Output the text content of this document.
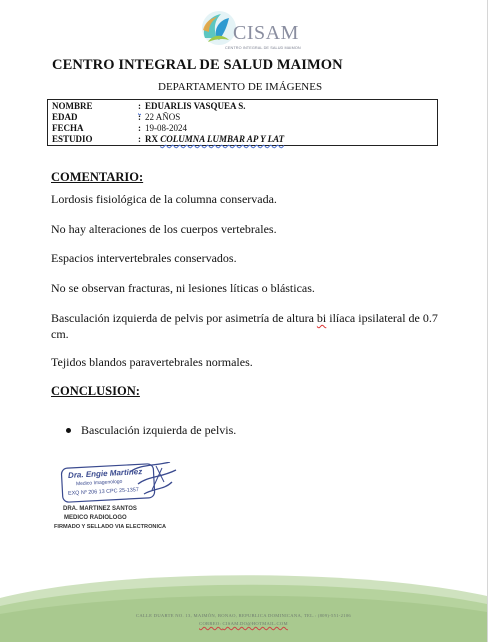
CISAM
CENTRO INTEGRAL DE SALUD MAIMON
CENTRO INTEGRAL DE SALUD MAIMON
DEPARTAMENTO DE IMÁGENES
NOMBRE	: EDUARLIS VASQUEA S.
EDAD	: 22 AÑOS
FECHA	: 19-08-2024
ESTUDIO	: RX COLUMNA LUMBAR AP Y LAT
COMENTARIO:
Lordosis fisiológica de la columna conservada.
No hay alteraciones de los cuerpos vertebrales.
Espacios intervertebrales conservados.
No se observan fracturas, ni lesiones líticas o blásticas.
Basculación izquierda de pelvis por asimetría de altura bi ilíaca ipsilateral de 0.7 cm.
Tejidos blandos paravertebrales normales.
CONCLUSION:
Basculación izquierda de pelvis.
Dra. Engie Martinez
Medico Imagenologo
EXQ Nº 206 13 CPC 25-1357
DRA. MARTINEZ SANTOS
MEDICO RADIOLOGO
FIRMADO Y SELLADO VIA ELECTRONICA
CALLE DUARTE NO. 13, MAIMÓN, BONAO, REPUBLICA DOMINICANA, TEL.: (809)-551-2106
CORREO: CISAM.DO@HOTMAIL.COM
